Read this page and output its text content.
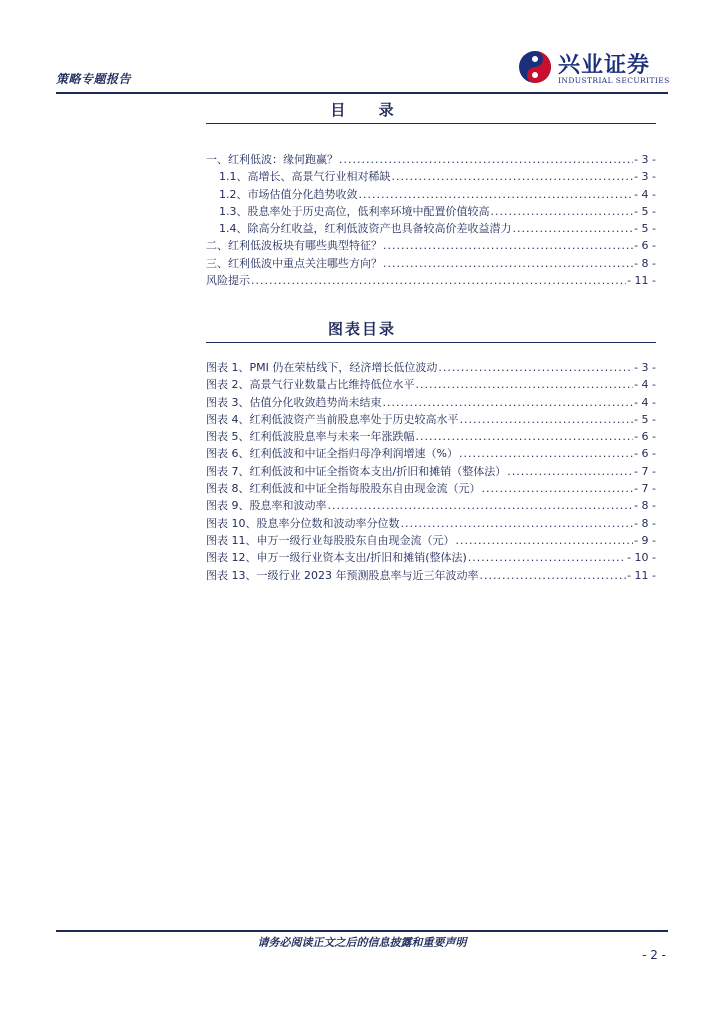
策略专题报告
兴业证券
INDUSTRIAL SECURITIES
目 录
一、红利低波：缘何跑赢？ .....	- 3 -
1.1、高增长、高景气行业相对稀缺 .....	- 3 -
1.2、市场估值分化趋势收敛 .....	- 4 -
1.3、股息率处于历史高位，低利率环境中配置价值较高 .....	- 5 -
1.4、除高分红收益，红利低波资产也具备较高价差收益潜力 .....	- 5 -
二、红利低波板块有哪些典型特征？ .....	- 6 -
三、红利低波中重点关注哪些方向？ .....	- 8 -
风险提示 .....	- 11 -
图表目录
图表 1、PMI 仍在荣枯线下，经济增长低位波动 .....	- 3 -
图表 2、高景气行业数量占比维持低位水平 .....	- 4 -
图表 3、估值分化收敛趋势尚未结束 .....	- 4 -
图表 4、红利低波资产当前股息率处于历史较高水平 .....	- 5 -
图表 5、红利低波股息率与未来一年涨跌幅 .....	- 6 -
图表 6、红利低波和中证全指归母净利润增速（%） .....	- 6 -
图表 7、红利低波和中证全指资本支出/折旧和摊销（整体法） .....	- 7 -
图表 8、红利低波和中证全指每股股东自由现金流（元） .....	- 7 -
图表 9、股息率和波动率 .....	- 8 -
图表 10、股息率分位数和波动率分位数 .....	- 8 -
图表 11、申万一级行业每股股东自由现金流（元） .....	- 9 -
图表 12、申万一级行业资本支出/折旧和摊销(整体法) .....	- 10 -
图表 13、一级行业 2023 年预测股息率与近三年波动率 .....	- 11 -
请务必阅读正文之后的信息披露和重要声明
- 2 -
